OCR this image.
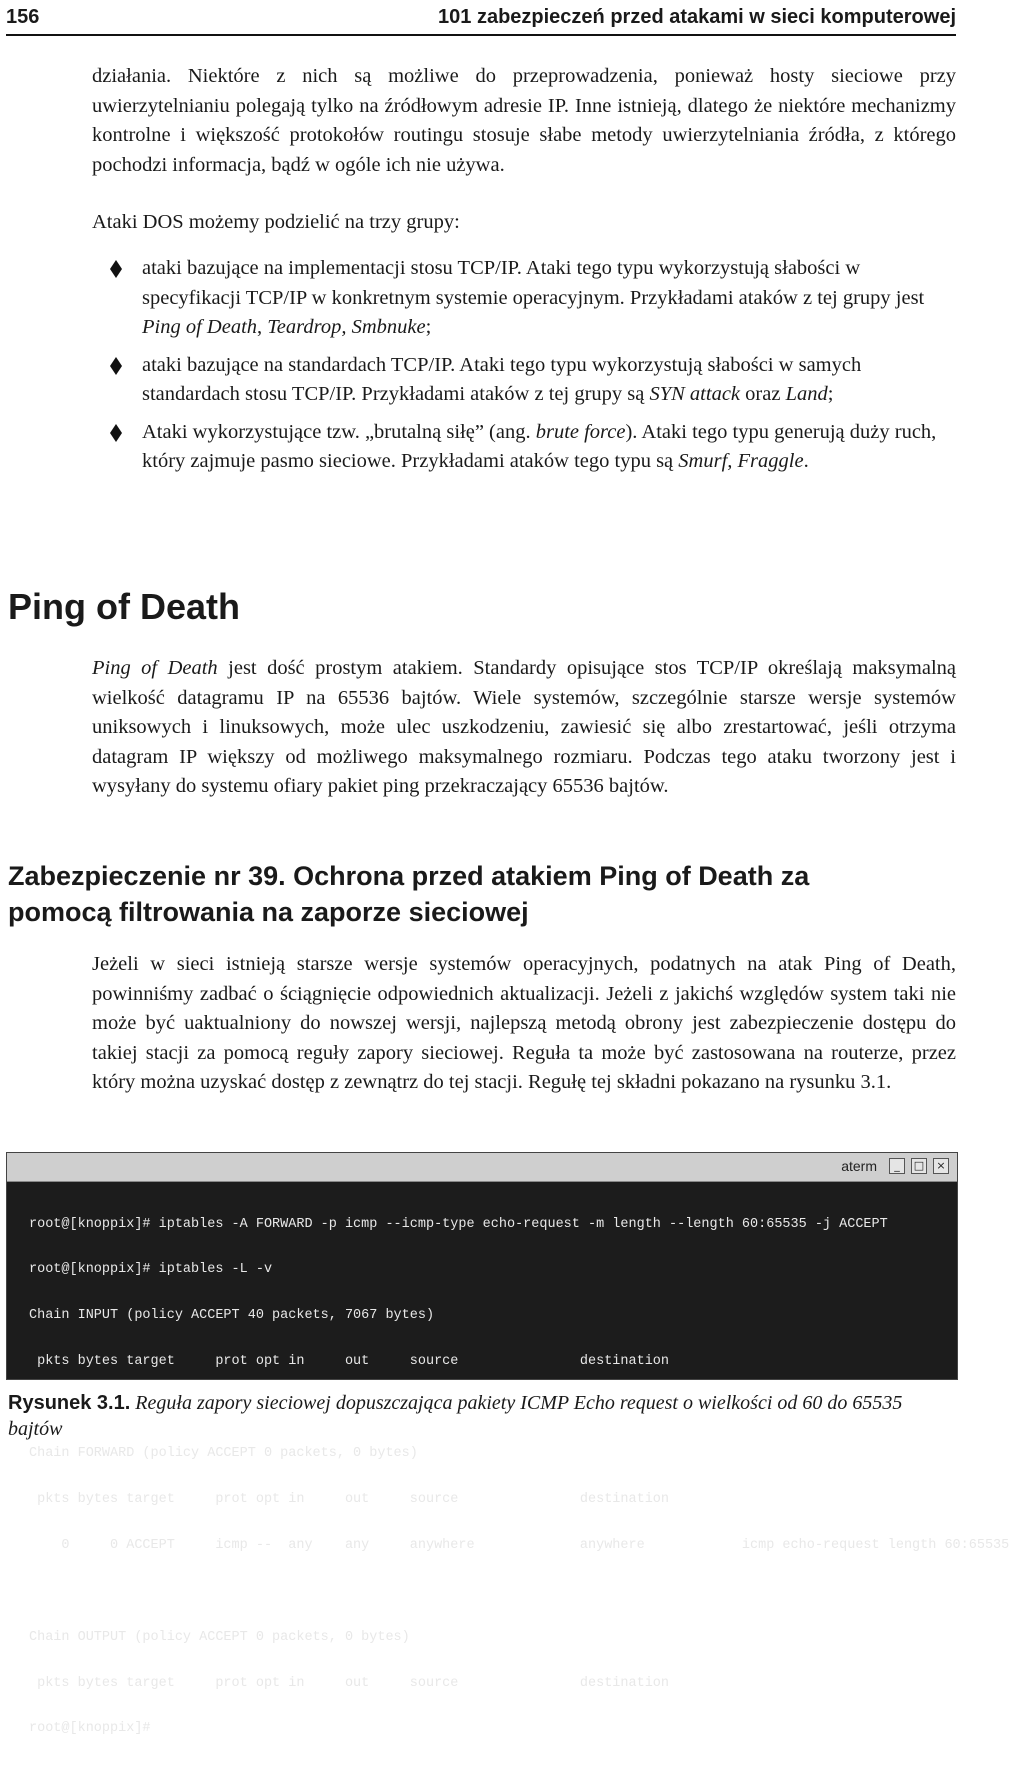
156	101 zabezpieczeń przed atakami w sieci komputerowej

działania. Niektóre z nich są możliwe do przeprowadzenia, ponieważ hosty sieciowe przy uwierzytelnianiu polegają tylko na źródłowym adresie IP. Inne istnieją, dlatego że niektóre mechanizmy kontrolne i większość protokołów routingu stosuje słabe metody uwierzytelniania źródła, z którego pochodzi informacja, bądź w ogóle ich nie używa.

Ataki DOS możemy podzielić na trzy grupy:

ataki bazujące na implementacji stosu TCP/IP. Ataki tego typu wykorzystują słabości w specyfikacji TCP/IP w konkretnym systemie operacyjnym. Przykładami ataków z tej grupy jest Ping of Death, Teardrop, Smbnuke;
ataki bazujące na standardach TCP/IP. Ataki tego typu wykorzystują słabości w samych standardach stosu TCP/IP. Przykładami ataków z tej grupy są SYN attack oraz Land;
Ataki wykorzystujące tzw. „brutalną siłę” (ang. brute force). Ataki tego typu generują duży ruch, który zajmuje pasmo sieciowe. Przykładami ataków tego typu są Smurf, Fraggle.
Ping of Death

Ping of Death jest dość prostym atakiem. Standardy opisujące stos TCP/IP określają maksymalną wielkość datagramu IP na 65536 bajtów. Wiele systemów, szczególnie starsze wersje systemów uniksowych i linuksowych, może ulec uszkodzeniu, zawiesić się albo zrestartować, jeśli otrzyma datagram IP większy od możliwego maksymalnego rozmiaru. Podczas tego ataku tworzony jest i wysyłany do systemu ofiary pakiet ping przekraczający 65536 bajtów.

Zabezpieczenie nr 39. Ochrona przed atakiem Ping of Death za pomocą filtrowania na zaporze sieciowej

Jeżeli w sieci istnieją starsze wersje systemów operacyjnych, podatnych na atak Ping of Death, powinniśmy zadbać o ściągnięcie odpowiednich aktualizacji. Jeżeli z jakichś względów system taki nie może być uaktualniony do nowszej wersji, najlepszą metodą obrony jest zabezpieczenie dostępu do takiej stacji za pomocą reguły zapory sieciowej. Reguła ta może być zastosowana na routerze, przez który można uzyskać dostęp z zewnątrz do tej stacji. Regułę tej składni pokazano na rysunku 3.1.

aterm	_	□	×

root@[knoppix]# iptables -A FORWARD -p icmp --icmp-type echo-request -m length --length 60:65535 -j ACCEPT

root@[knoppix]# iptables -L -v

Chain INPUT (policy ACCEPT 40 packets, 7067 bytes)

pkts bytes target     prot opt in     out     source               destination

Chain FORWARD (policy ACCEPT 0 packets, 0 bytes)

pkts bytes target     prot opt in     out     source               destination

0     0 ACCEPT     icmp --  any    any     anywhere             anywhere            icmp echo-request length 60:65535

Chain OUTPUT (policy ACCEPT 0 packets, 0 bytes)

pkts bytes target     prot opt in     out     source               destination

root@[knoppix]#

Rysunek 3.1. Reguła zapory sieciowej dopuszczająca pakiety ICMP Echo request o wielkości od 60 do 65535 bajtów
